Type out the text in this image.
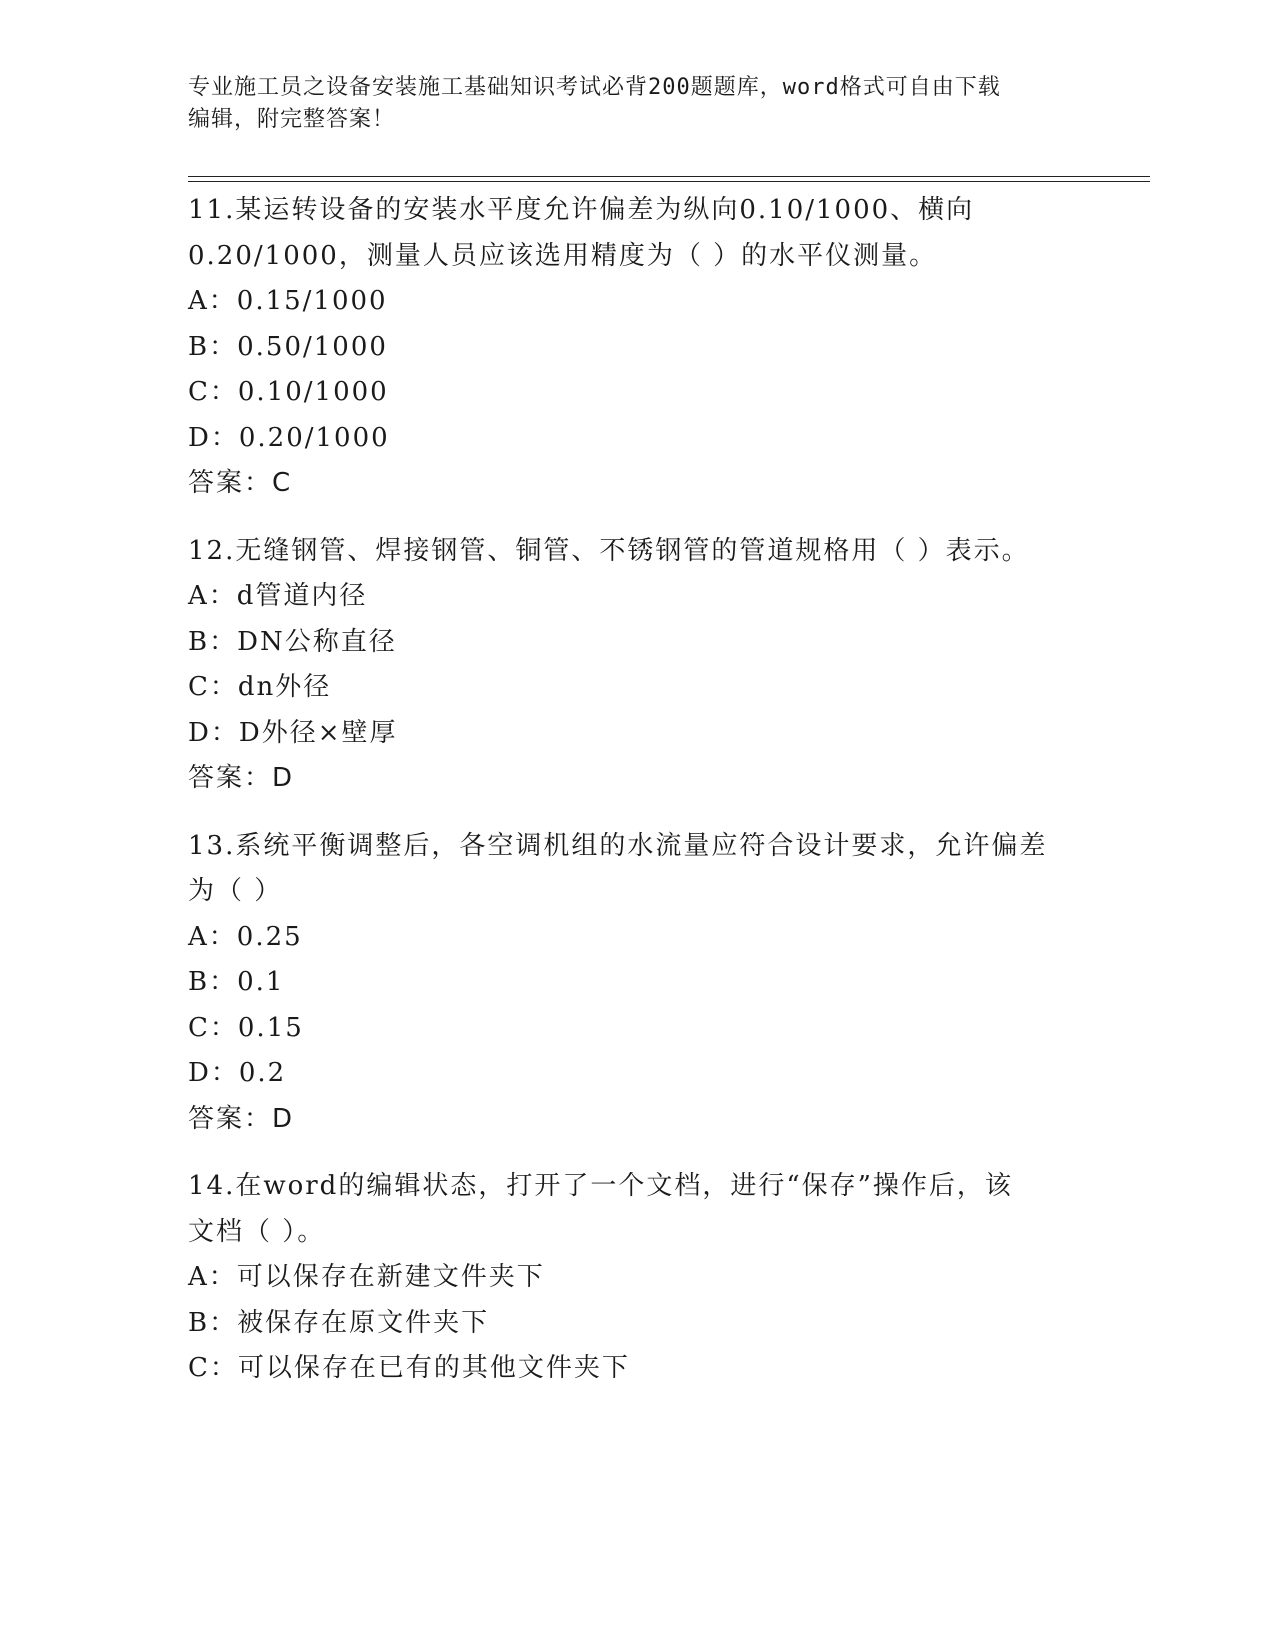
专业施工员之设备安装施工基础知识考试必背200题题库，word格式可自由下载
编辑，附完整答案！
11.某运转设备的安装水平度允许偏差为纵向0.10/1000、横向
0.20/1000，测量人员应该选用精度为（ ）的水平仪测量。
A：0.15/1000
B：0.50/1000
C：0.10/1000
D：0.20/1000
答案：C
12.无缝钢管、焊接钢管、铜管、不锈钢管的管道规格用（ ）表示。
A：d管道内径
B：DN公称直径
C：dn外径
D：D外径×壁厚
答案：D
13.系统平衡调整后，各空调机组的水流量应符合设计要求，允许偏差
为（ ）
A：0.25
B：0.1
C：0.15
D：0.2
答案：D
14.在word的编辑状态，打开了一个文档，进行“保存”操作后，该
文档（ ）。
A：可以保存在新建文件夹下
B：被保存在原文件夹下
C：可以保存在已有的其他文件夹下
